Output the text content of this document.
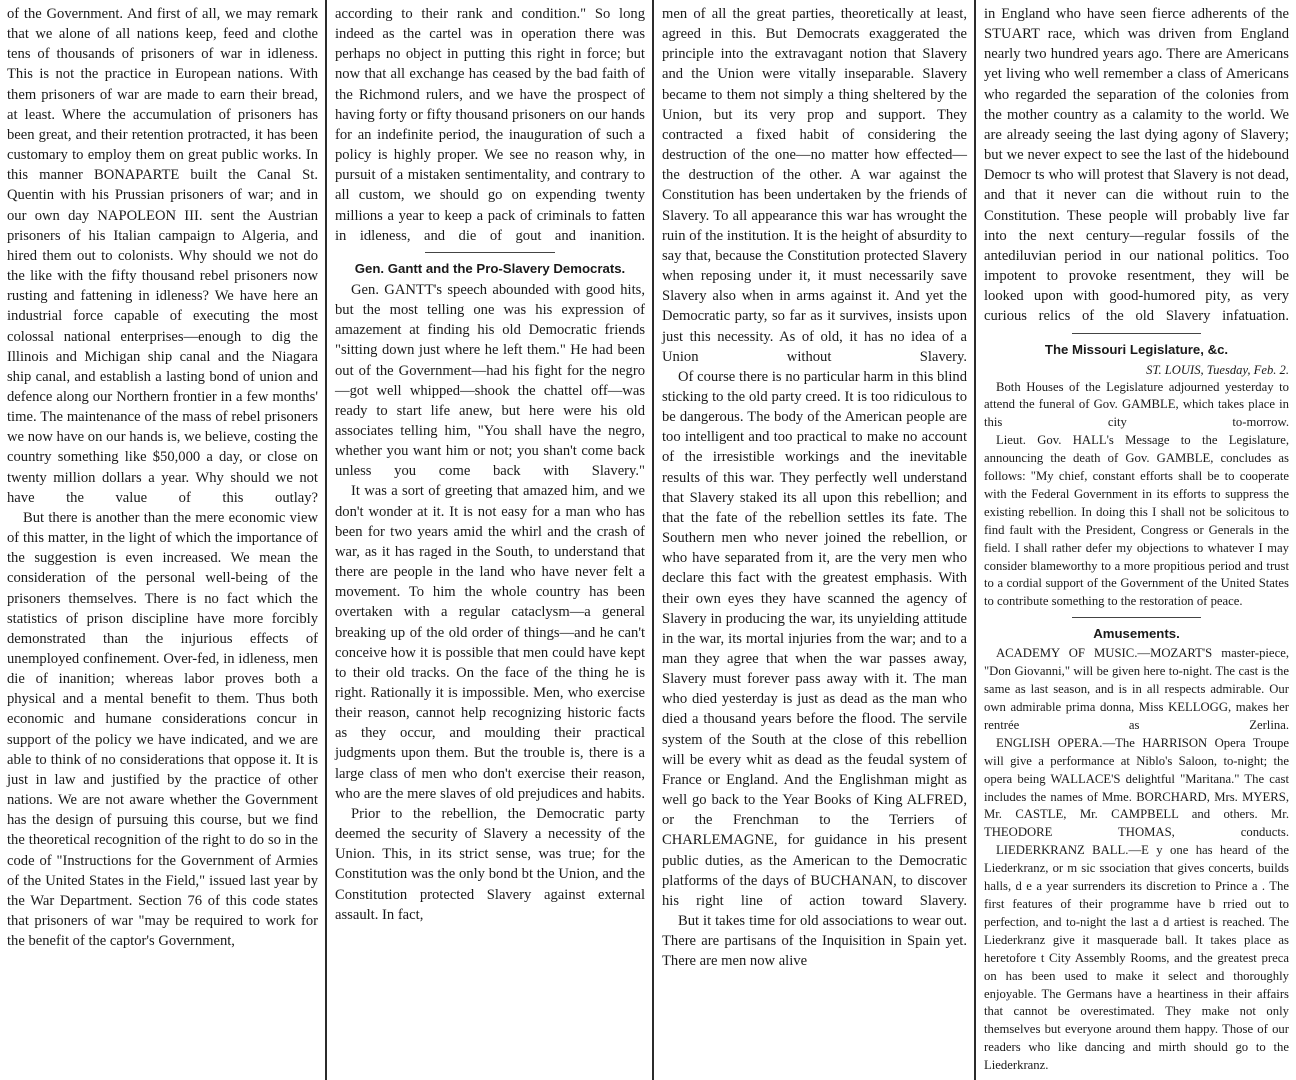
of the Government. And first of all, we may remark that we alone of all nations keep, feed and clothe tens of thousands of prisoners of war in idleness. This is not the practice in European nations. With them prisoners of war are made to earn their bread, at least. Where the accumulation of prisoners has been great, and their retention protracted, it has been customary to employ them on great public works. In this manner BONAPARTE built the Canal St. Quentin with his Prussian prisoners of war; and in our own day NAPOLEON III. sent the Austrian prisoners of his Italian campaign to Algeria, and hired them out to colonists. Why should we not do the like with the fifty thousand rebel prisoners now rusting and fattening in idleness? We have here an industrial force capable of executing the most colossal national enterprises—enough to dig the Illinois and Michigan ship canal and the Niagara ship canal, and establish a lasting bond of union and defence along our Northern frontier in a few months' time. The maintenance of the mass of rebel prisoners we now have on our hands is, we believe, costing the country something like $50,000 a day, or close on twenty million dollars a year. Why should we not have the value of this outlay?

But there is another than the mere economic view of this matter, in the light of which the importance of the suggestion is even increased. We mean the consideration of the personal well-being of the prisoners themselves. There is no fact which the statistics of prison discipline have more forcibly demonstrated than the injurious effects of unemployed confinement. Over-fed, in idleness, men die of inanition; whereas labor proves both a physical and a mental benefit to them. Thus both economic and humane considerations concur in support of the policy we have indicated, and we are able to think of no considerations that oppose it. It is just in law and justified by the practice of other nations. We are not aware whether the Government has the design of pursuing this course, but we find the theoretical recognition of the right to do so in the code of "Instructions for the Government of Armies of the United States in the Field," issued last year by the War Department. Section 76 of this code states that prisoners of war "may be required to work for the benefit of the captor's Government,

according to their rank and condition." So long indeed as the cartel was in operation there was perhaps no object in putting this right in force; but now that all exchange has ceased by the bad faith of the Richmond rulers, and we have the prospect of having forty or fifty thousand prisoners on our hands for an indefinite period, the inauguration of such a policy is highly proper. We see no reason why, in pursuit of a mistaken sentimentality, and contrary to all custom, we should go on expending twenty millions a year to keep a pack of criminals to fatten in idleness, and die of gout and inanition.

Gen. Gantt and the Pro-Slavery Democrats.

Gen. GANTT's speech abounded with good hits, but the most telling one was his expression of amazement at finding his old Democratic friends "sitting down just where he left them." He had been out of the Government—had his fight for the negro—got well whipped—shook the chattel off—was ready to start life anew, but here were his old associates telling him, "You shall have the negro, whether you want him or not; you shan't come back unless you come back with Slavery."

It was a sort of greeting that amazed him, and we don't wonder at it. It is not easy for a man who has been for two years amid the whirl and the crash of war, as it has raged in the South, to understand that there are people in the land who have never felt a movement. To him the whole country has been overtaken with a regular cataclysm—a general breaking up of the old order of things—and he can't conceive how it is possible that men could have kept to their old tracks. On the face of the thing he is right. Rationally it is impossible. Men, who exercise their reason, cannot help recognizing historic facts as they occur, and moulding their practical judgments upon them. But the trouble is, there is a large class of men who don't exercise their reason, who are the mere slaves of old prejudices and habits.

Prior to the rebellion, the Democratic party deemed the security of Slavery a necessity of the Union. This, in its strict sense, was true; for the Constitution was the only bond bt the Union, and the Constitution protected Slavery against external assault. In fact,

men of all the great parties, theoretically at least, agreed in this. But Democrats exaggerated the principle into the extravagant notion that Slavery and the Union were vitally inseparable. Slavery became to them not simply a thing sheltered by the Union, but its very prop and support. They contracted a fixed habit of considering the destruction of the one—no matter how effected—the destruction of the other. A war against the Constitution has been undertaken by the friends of Slavery. To all appearance this war has wrought the ruin of the institution. It is the height of absurdity to say that, because the Constitution protected Slavery when reposing under it, it must necessarily save Slavery also when in arms against it. And yet the Democratic party, so far as it survives, insists upon just this necessity. As of old, it has no idea of a Union without Slavery.

Of course there is no particular harm in this blind sticking to the old party creed. It is too ridiculous to be dangerous. The body of the American people are too intelligent and too practical to make no account of the irresistible workings and the inevitable results of this war. They perfectly well understand that Slavery staked its all upon this rebellion; and that the fate of the rebellion settles its fate. The Southern men who never joined the rebellion, or who have separated from it, are the very men who declare this fact with the greatest emphasis. With their own eyes they have scanned the agency of Slavery in producing the war, its unyielding attitude in the war, its mortal injuries from the war; and to a man they agree that when the war passes away, Slavery must forever pass away with it. The man who died yesterday is just as dead as the man who died a thousand years before the flood. The servile system of the South at the close of this rebellion will be every whit as dead as the feudal system of France or England. And the Englishman might as well go back to the Year Books of King ALFRED, or the Frenchman to the Terriers of CHARLEMAGNE, for guidance in his present public duties, as the American to the Democratic platforms of the days of BUCHANAN, to discover his right line of action toward Slavery.

But it takes time for old associations to wear out. There are partisans of the Inquisition in Spain yet. There are men now alive

in England who have seen fierce adherents of the STUART race, which was driven from England nearly two hundred years ago. There are Americans yet living who well remember a class of Americans who regarded the separation of the colonies from the mother country as a calamity to the world. We are already seeing the last dying agony of Slavery; but we never expect to see the last of the hidebound Democr ts who will protest that Slavery is not dead, and that it never can die without ruin to the Constitution. These people will probably live far into the next century—regular fossils of the antediluvian period in our national politics. Too impotent to provoke resentment, they will be looked upon with good-humored pity, as very curious relics of the old Slavery infatuation.

The Missouri Legislature, &c.
ST. LOUIS, Tuesday, Feb. 2.

Both Houses of the Legislature adjourned yesterday to attend the funeral of Gov. GAMBLE, which takes place in this city to-morrow.

Lieut. Gov. HALL's Message to the Legislature, announcing the death of Gov. GAMBLE, concludes as follows: "My chief, constant efforts shall be to cooperate with the Federal Government in its efforts to suppress the existing rebellion. In doing this I shall not be solicitous to find fault with the President, Congress or Generals in the field. I shall rather defer my objections to whatever I may consider blameworthy to a more propitious period and trust to a cordial support of the Government of the United States to contribute something to the restoration of peace.

Amusements.

ACADEMY OF MUSIC.—MOZART'S master-piece, "Don Giovanni," will be given here to-night. The cast is the same as last season, and is in all respects admirable. Our own admirable prima donna, Miss KELLOGG, makes her rentrée as Zerlina.

ENGLISH OPERA.—The HARRISON Opera Troupe will give a performance at Niblo's Saloon, to-night; the opera being WALLACE'S delightful "Maritana." The cast includes the names of Mme. BORCHARD, Mrs. MYERS, Mr. CASTLE, Mr. CAMPBELL and others. Mr. THEODORE THOMAS, conducts.

LIEDERKRANZ BALL.—E y one has heard of the Liederkranz, or m sic ssociation that gives concerts, builds halls, d e a year surrenders its discretion to Prince a . The first features of their programme have b rried out to perfection, and to-night the last a d artiest is reached. The Liederkranz give it masquerade ball. It takes place as heretofore t City Assembly Rooms, and the greatest preca on has been used to make it select and thoroughly enjoyable. The Germans have a heartiness in their affairs that cannot be overestimated. They make not only themselves but everyone around them happy. Those of our readers who like dancing and mirth should go to the Liederkranz.
